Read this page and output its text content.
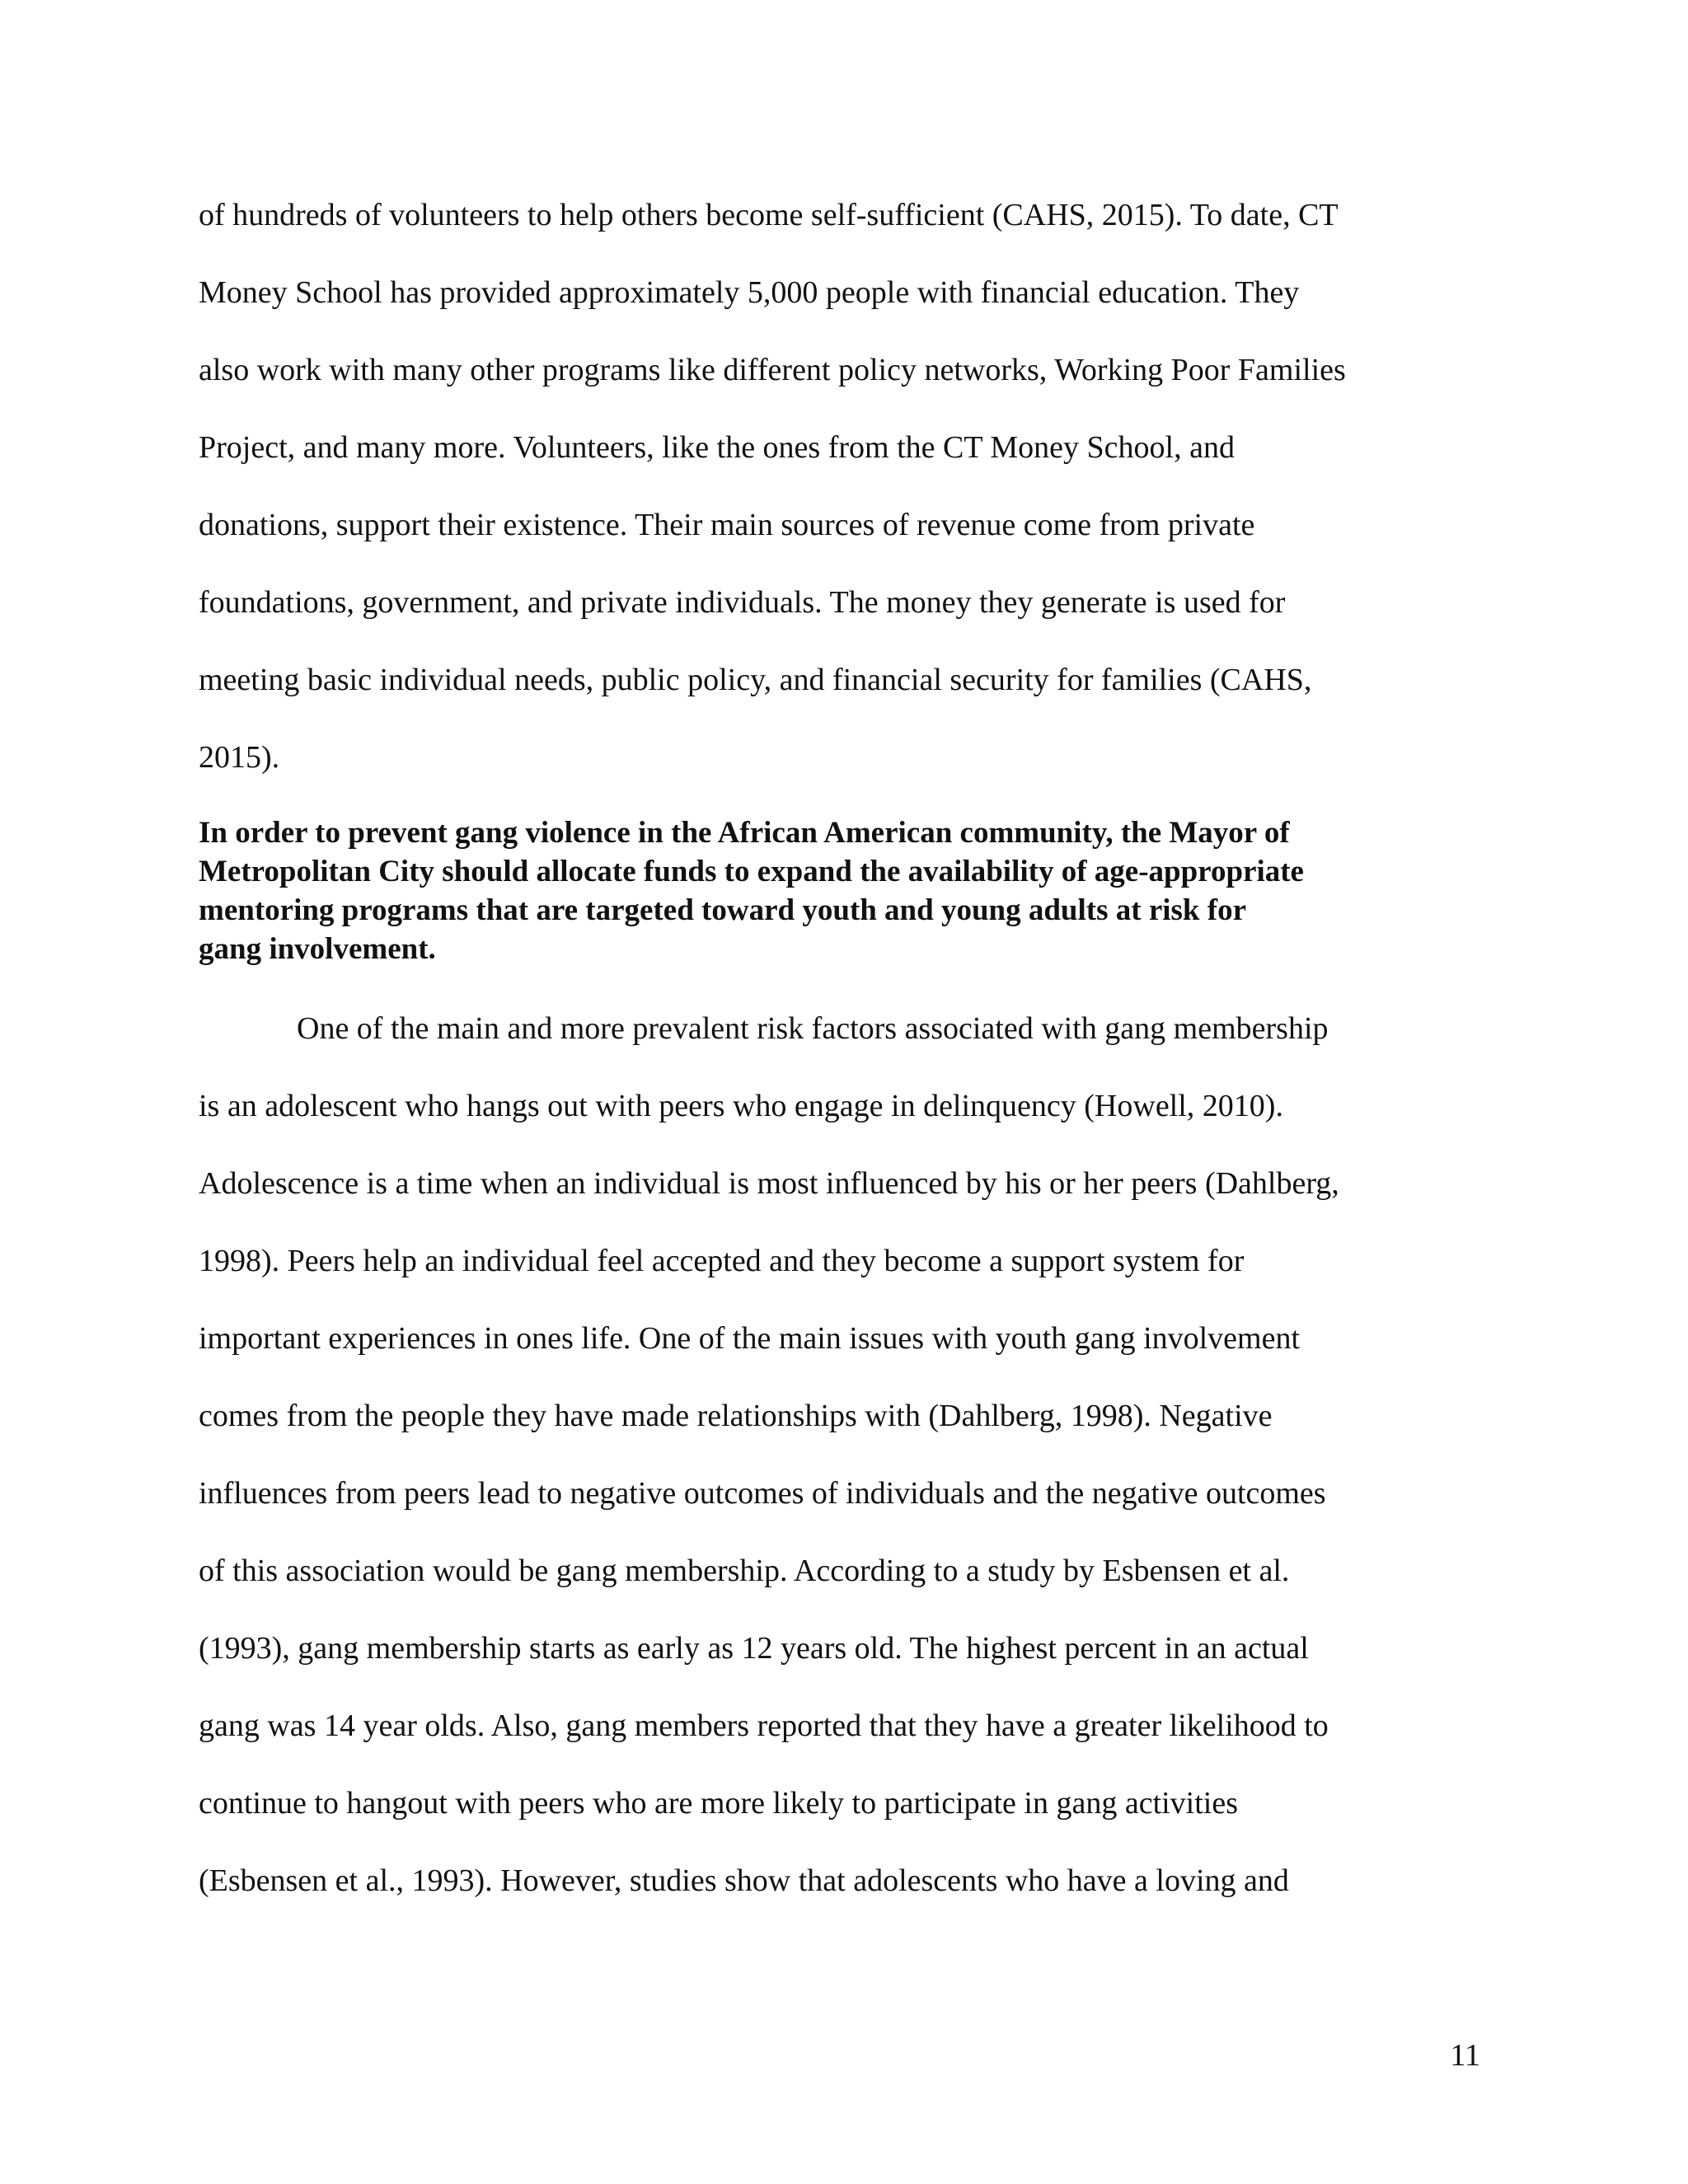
of hundreds of volunteers to help others become self-sufficient (CAHS, 2015). To date, CT

Money School has provided approximately 5,000 people with financial education. They

also work with many other programs like different policy networks, Working Poor Families

Project, and many more. Volunteers, like the ones from the CT Money School, and

donations, support their existence. Their main sources of revenue come from private

foundations, government, and private individuals. The money they generate is used for

meeting basic individual needs, public policy, and financial security for families (CAHS,

2015).

In order to prevent gang violence in the African American community, the Mayor of

Metropolitan City should allocate funds to expand the availability of age-appropriate

mentoring programs that are targeted toward youth and young adults at risk for

gang involvement.

One of the main and more prevalent risk factors associated with gang membership

is an adolescent who hangs out with peers who engage in delinquency (Howell, 2010).

Adolescence is a time when an individual is most influenced by his or her peers (Dahlberg,

1998). Peers help an individual feel accepted and they become a support system for

important experiences in ones life. One of the main issues with youth gang involvement

comes from the people they have made relationships with (Dahlberg, 1998). Negative

influences from peers lead to negative outcomes of individuals and the negative outcomes

of this association would be gang membership. According to a study by Esbensen et al.

(1993), gang membership starts as early as 12 years old. The highest percent in an actual

gang was 14 year olds. Also, gang members reported that they have a greater likelihood to

continue to hangout with peers who are more likely to participate in gang activities

(Esbensen et al., 1993). However, studies show that adolescents who have a loving and

11
